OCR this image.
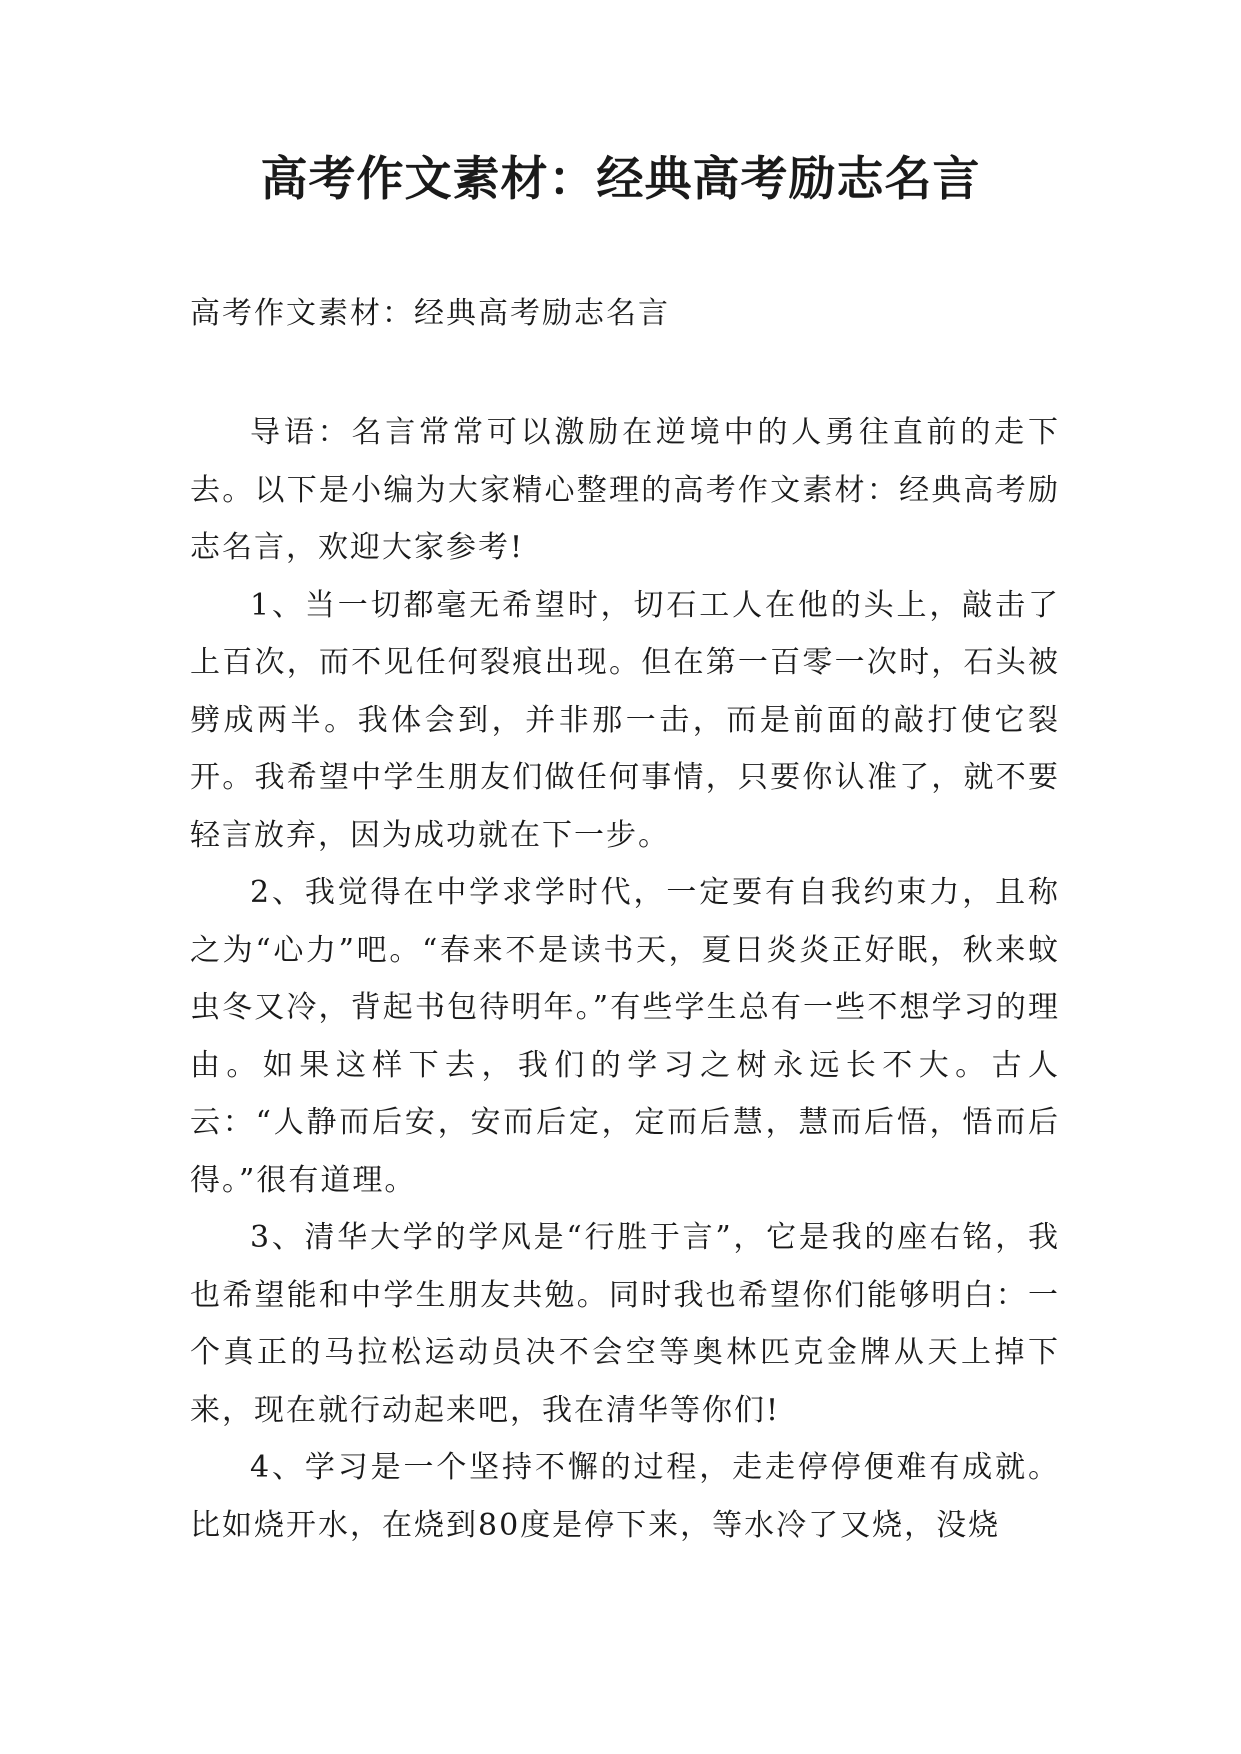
高考作文素材：经典高考励志名言
高考作文素材：经典高考励志名言

导语：名言常常可以激励在逆境中的人勇往直前的走下去。以下是小编为大家精心整理的高考作文素材：经典高考励志名言，欢迎大家参考!

1、当一切都毫无希望时，切石工人在他的头上，敲击了上百次，而不见任何裂痕出现。但在第一百零一次时，石头被劈成两半。我体会到，并非那一击，而是前面的敲打使它裂开。我希望中学生朋友们做任何事情，只要你认准了，就不要轻言放弃，因为成功就在下一步。

2、我觉得在中学求学时代，一定要有自我约束力，且称之为“心力”吧。“春来不是读书天，夏日炎炎正好眠，秋来蚊虫冬又冷，背起书包待明年。”有些学生总有一些不想学习的理由。如果这样下去，我们的学习之树永远长不大。古人云：“人静而后安，安而后定，定而后慧，慧而后悟，悟而后得。”很有道理。

3、清华大学的学风是“行胜于言”，它是我的座右铭，我也希望能和中学生朋友共勉。同时我也希望你们能够明白：一个真正的马拉松运动员决不会空等奥林匹克金牌从天上掉下来，现在就行动起来吧，我在清华等你们!

4、学习是一个坚持不懈的过程，走走停停便难有成就。比如烧开水，在烧到80度是停下来，等水冷了又烧，没烧
